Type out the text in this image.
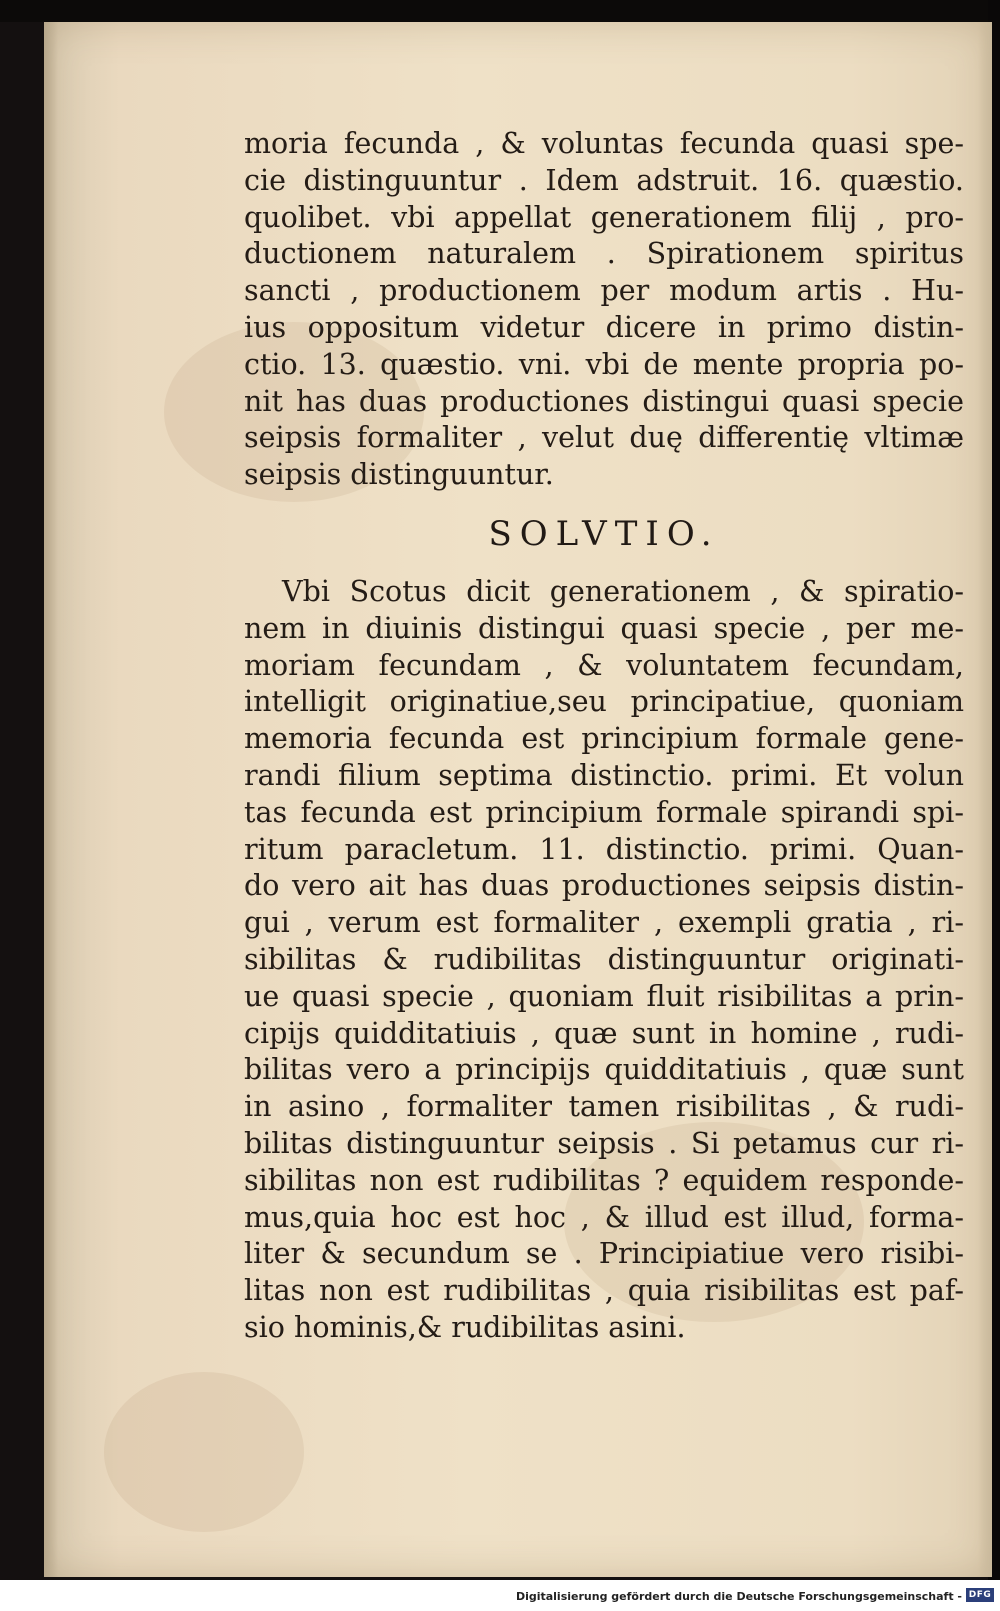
moria fecunda , & voluntas fecunda quasi spe-
cie distinguuntur . Idem adstruit. 16. quæstio.
quolibet. vbi appellat generationem filij , pro-
ductionem naturalem . Spirationem spiritus
sancti , productionem per modum artis . Hu-
ius oppositum videtur dicere in primo distin-
ctio. 13. quæstio. vni. vbi de mente propria po-
nit has duas productiones distingui quasi specie
seipsis formaliter , velut duę differentię vltimæ
seipsis distinguuntur.
SOLVTIO.
Vbi Scotus dicit generationem , & spiratio-
nem in diuinis distingui quasi specie , per me-
moriam fecundam , & voluntatem fecundam,
intelligit originatiue,seu principatiue, quoniam
memoria fecunda est principium formale gene-
randi filium septima distinctio. primi. Et volun
tas fecunda est principium formale spirandi spi-
ritum paracletum. 11. distinctio. primi. Quan-
do vero ait has duas productiones seipsis distin-
gui , verum est formaliter , exempli gratia , ri-
sibilitas & rudibilitas distinguuntur originati-
ue quasi specie , quoniam fluit risibilitas a prin-
cipijs quidditatiuis , quæ sunt in homine , rudi-
bilitas vero a principijs quidditatiuis , quæ sunt
in asino , formaliter tamen risibilitas , & rudi-
bilitas distinguuntur seipsis . Si petamus cur ri-
sibilitas non est rudibilitas ? equidem responde-
mus,quia hoc est hoc , & illud est illud, forma-
liter & secundum se . Principiatiue vero risibi-
litas non est rudibilitas , quia risibilitas est paf-
sio hominis,& rudibilitas asini.
Digitalisierung gefördert durch die Deutsche Forschungsgemeinschaft - DFG
